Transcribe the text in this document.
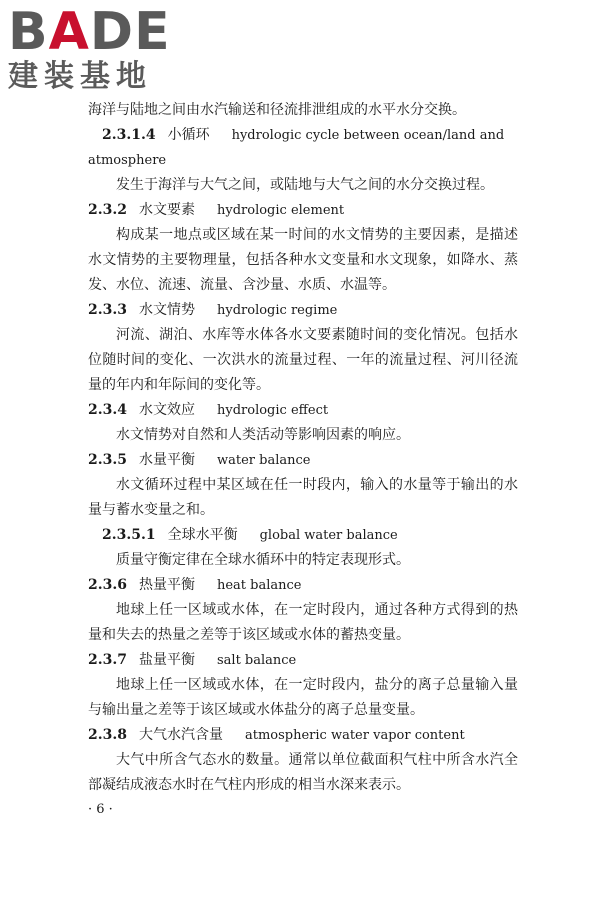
B A D E
建装基地
海洋与陆地之间由水汽输送和径流排泄组成的水平水分交换。
2.3.1.4 小循环 hydrologic cycle between ocean/land and atmosphere
发生于海洋与大气之间，或陆地与大气之间的水分交换过程。
2.3.2 水文要素 hydrologic element
构成某一地点或区域在某一时间的水文情势的主要因素，是描述水文情势的主要物理量，包括各种水文变量和水文现象，如降水、蒸发、水位、流速、流量、含沙量、水质、水温等。
2.3.3 水文情势 hydrologic regime
河流、湖泊、水库等水体各水文要素随时间的变化情况。包括水位随时间的变化、一次洪水的流量过程、一年的流量过程、河川径流量的年内和年际间的变化等。
2.3.4 水文效应 hydrologic effect
水文情势对自然和人类活动等影响因素的响应。
2.3.5 水量平衡 water balance
水文循环过程中某区域在任一时段内，输入的水量等于输出的水量与蓄水变量之和。
2.3.5.1 全球水平衡 global water balance
质量守衡定律在全球水循环中的特定表现形式。
2.3.6 热量平衡 heat balance
地球上任一区域或水体，在一定时段内，通过各种方式得到的热量和失去的热量之差等于该区域或水体的蓄热变量。
2.3.7 盐量平衡 salt balance
地球上任一区域或水体，在一定时段内，盐分的离子总量输入量与输出量之差等于该区域或水体盐分的离子总量变量。
2.3.8 大气水汽含量 atmospheric water vapor content
大气中所含气态水的数量。通常以单位截面积气柱中所含水汽全部凝结成液态水时在气柱内形成的相当水深来表示。
· 6 ·
